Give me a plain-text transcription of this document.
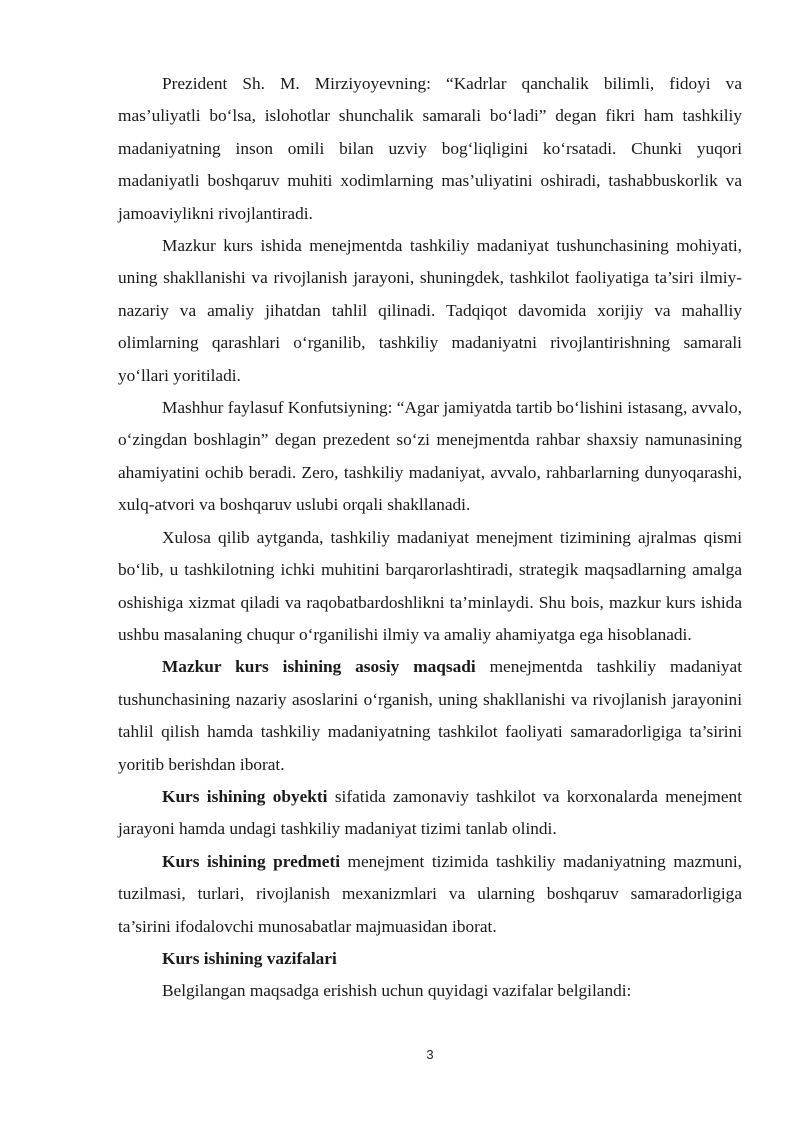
Prezident Sh. M. Mirziyoyevning: “Kadrlar qanchalik bilimli, fidoyi va mas’uliyatli bo‘lsa, islohotlar shunchalik samarali bo‘ladi” degan fikri ham tashkiliy madaniyatning inson omili bilan uzviy bog‘liqligini ko‘rsatadi. Chunki yuqori madaniyatli boshqaruv muhiti xodimlarning mas’uliyatini oshiradi, tashabbuskorlik va jamoaviylikni rivojlantiradi.

Mazkur kurs ishida menejmentda tashkiliy madaniyat tushunchasining mohiyati, uning shakllanishi va rivojlanish jarayoni, shuningdek, tashkilot faoliyatiga ta’siri ilmiy-nazariy va amaliy jihatdan tahlil qilinadi. Tadqiqot davomida xorijiy va mahalliy olimlarning qarashlari o‘rganilib, tashkiliy madaniyatni rivojlantirishning samarali yo‘llari yoritiladi.

Mashhur faylasuf Konfutsiyning: “Agar jamiyatda tartib bo‘lishini istasang, avvalo, o‘zingdan boshlagin” degan prezedent so‘zi menejmentda rahbar shaxsiy namunasining ahamiyatini ochib beradi. Zero, tashkiliy madaniyat, avvalo, rahbarlarning dunyoqarashi, xulq-atvori va boshqaruv uslubi orqali shakllanadi.

Xulosa qilib aytganda, tashkiliy madaniyat menejment tizimining ajralmas qismi bo‘lib, u tashkilotning ichki muhitini barqarorlashtiradi, strategik maqsadlarning amalga oshishiga xizmat qiladi va raqobatbardoshlikni ta’minlaydi. Shu bois, mazkur kurs ishida ushbu masalaning chuqur o‘rganilishi ilmiy va amaliy ahamiyatga ega hisoblanadi.

Mazkur kurs ishining asosiy maqsadi menejmentda tashkiliy madaniyat tushunchasining nazariy asoslarini o‘rganish, uning shakllanishi va rivojlanish jarayonini tahlil qilish hamda tashkiliy madaniyatning tashkilot faoliyati samaradorligiga ta’sirini yoritib berishdan iborat.

Kurs ishining obyekti sifatida zamonaviy tashkilot va korxonalarda menejment jarayoni hamda undagi tashkiliy madaniyat tizimi tanlab olindi.

Kurs ishining predmeti menejment tizimida tashkiliy madaniyatning mazmuni, tuzilmasi, turlari, rivojlanish mexanizmlari va ularning boshqaruv samaradorligiga ta’sirini ifodalovchi munosabatlar majmuasidan iborat.

Kurs ishining vazifalari

Belgilangan maqsadga erishish uchun quyidagi vazifalar belgilandi:

3
